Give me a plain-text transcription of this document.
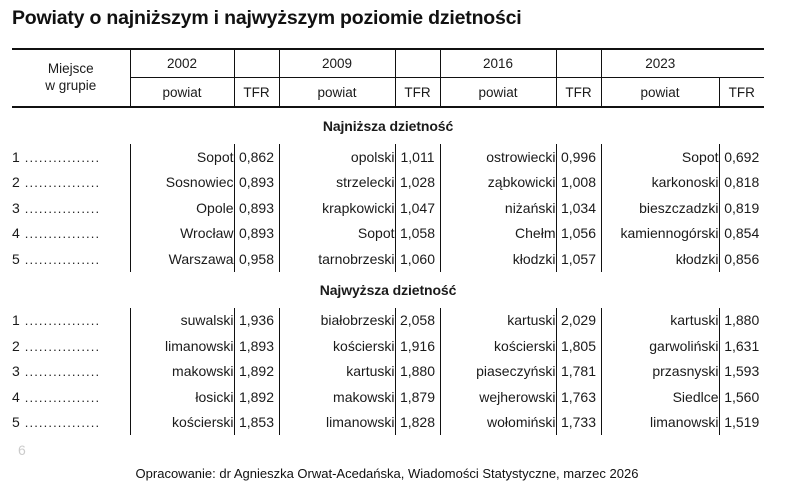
Powiaty o najniższym i najwyższym poziomie dzietności

Miejsce
w grupie	2002		2009		2016		2023	
	powiat	TFR	powiat	TFR	powiat	TFR	powiat	TFR

Najniższa dzietność								
1 ................	Sopot	0,862	opolski	1,011	ostrowiecki	0,996	Sopot	0,692
2 ................	Sosnowiec	0,893	strzelecki	1,028	ząbkowicki	1,008	karkonoski	0,818
3 ................	Opole	0,893	krapkowicki	1,047	niżański	1,034	bieszczadzki	0,819
4 ................	Wrocław	0,893	Sopot	1,058	Chełm	1,056	kamiennogórski	0,854
5 ................	Warszawa	0,958	tarnobrzeski	1,060	kłodzki	1,057	kłodzki	0,856
Najwyższa dzietność								
1 ................	suwalski	1,936	białobrzeski	2,058	kartuski	2,029	kartuski	1,880
2 ................	limanowski	1,893	kościerski	1,916	kościerski	1,805	garwoliński	1,631
3 ................	makowski	1,892	kartuski	1,880	piaseczyński	1,781	przasnyski	1,593
4 ................	łosicki	1,892	makowski	1,879	wejherowski	1,763	Siedlce	1,560
5 ................	kościerski	1,853	limanowski	1,828	wołomiński	1,733	limanowski	1,519
6
Opracowanie: dr Agnieszka Orwat-Acedańska, Wiadomości Statystyczne, marzec 2026
